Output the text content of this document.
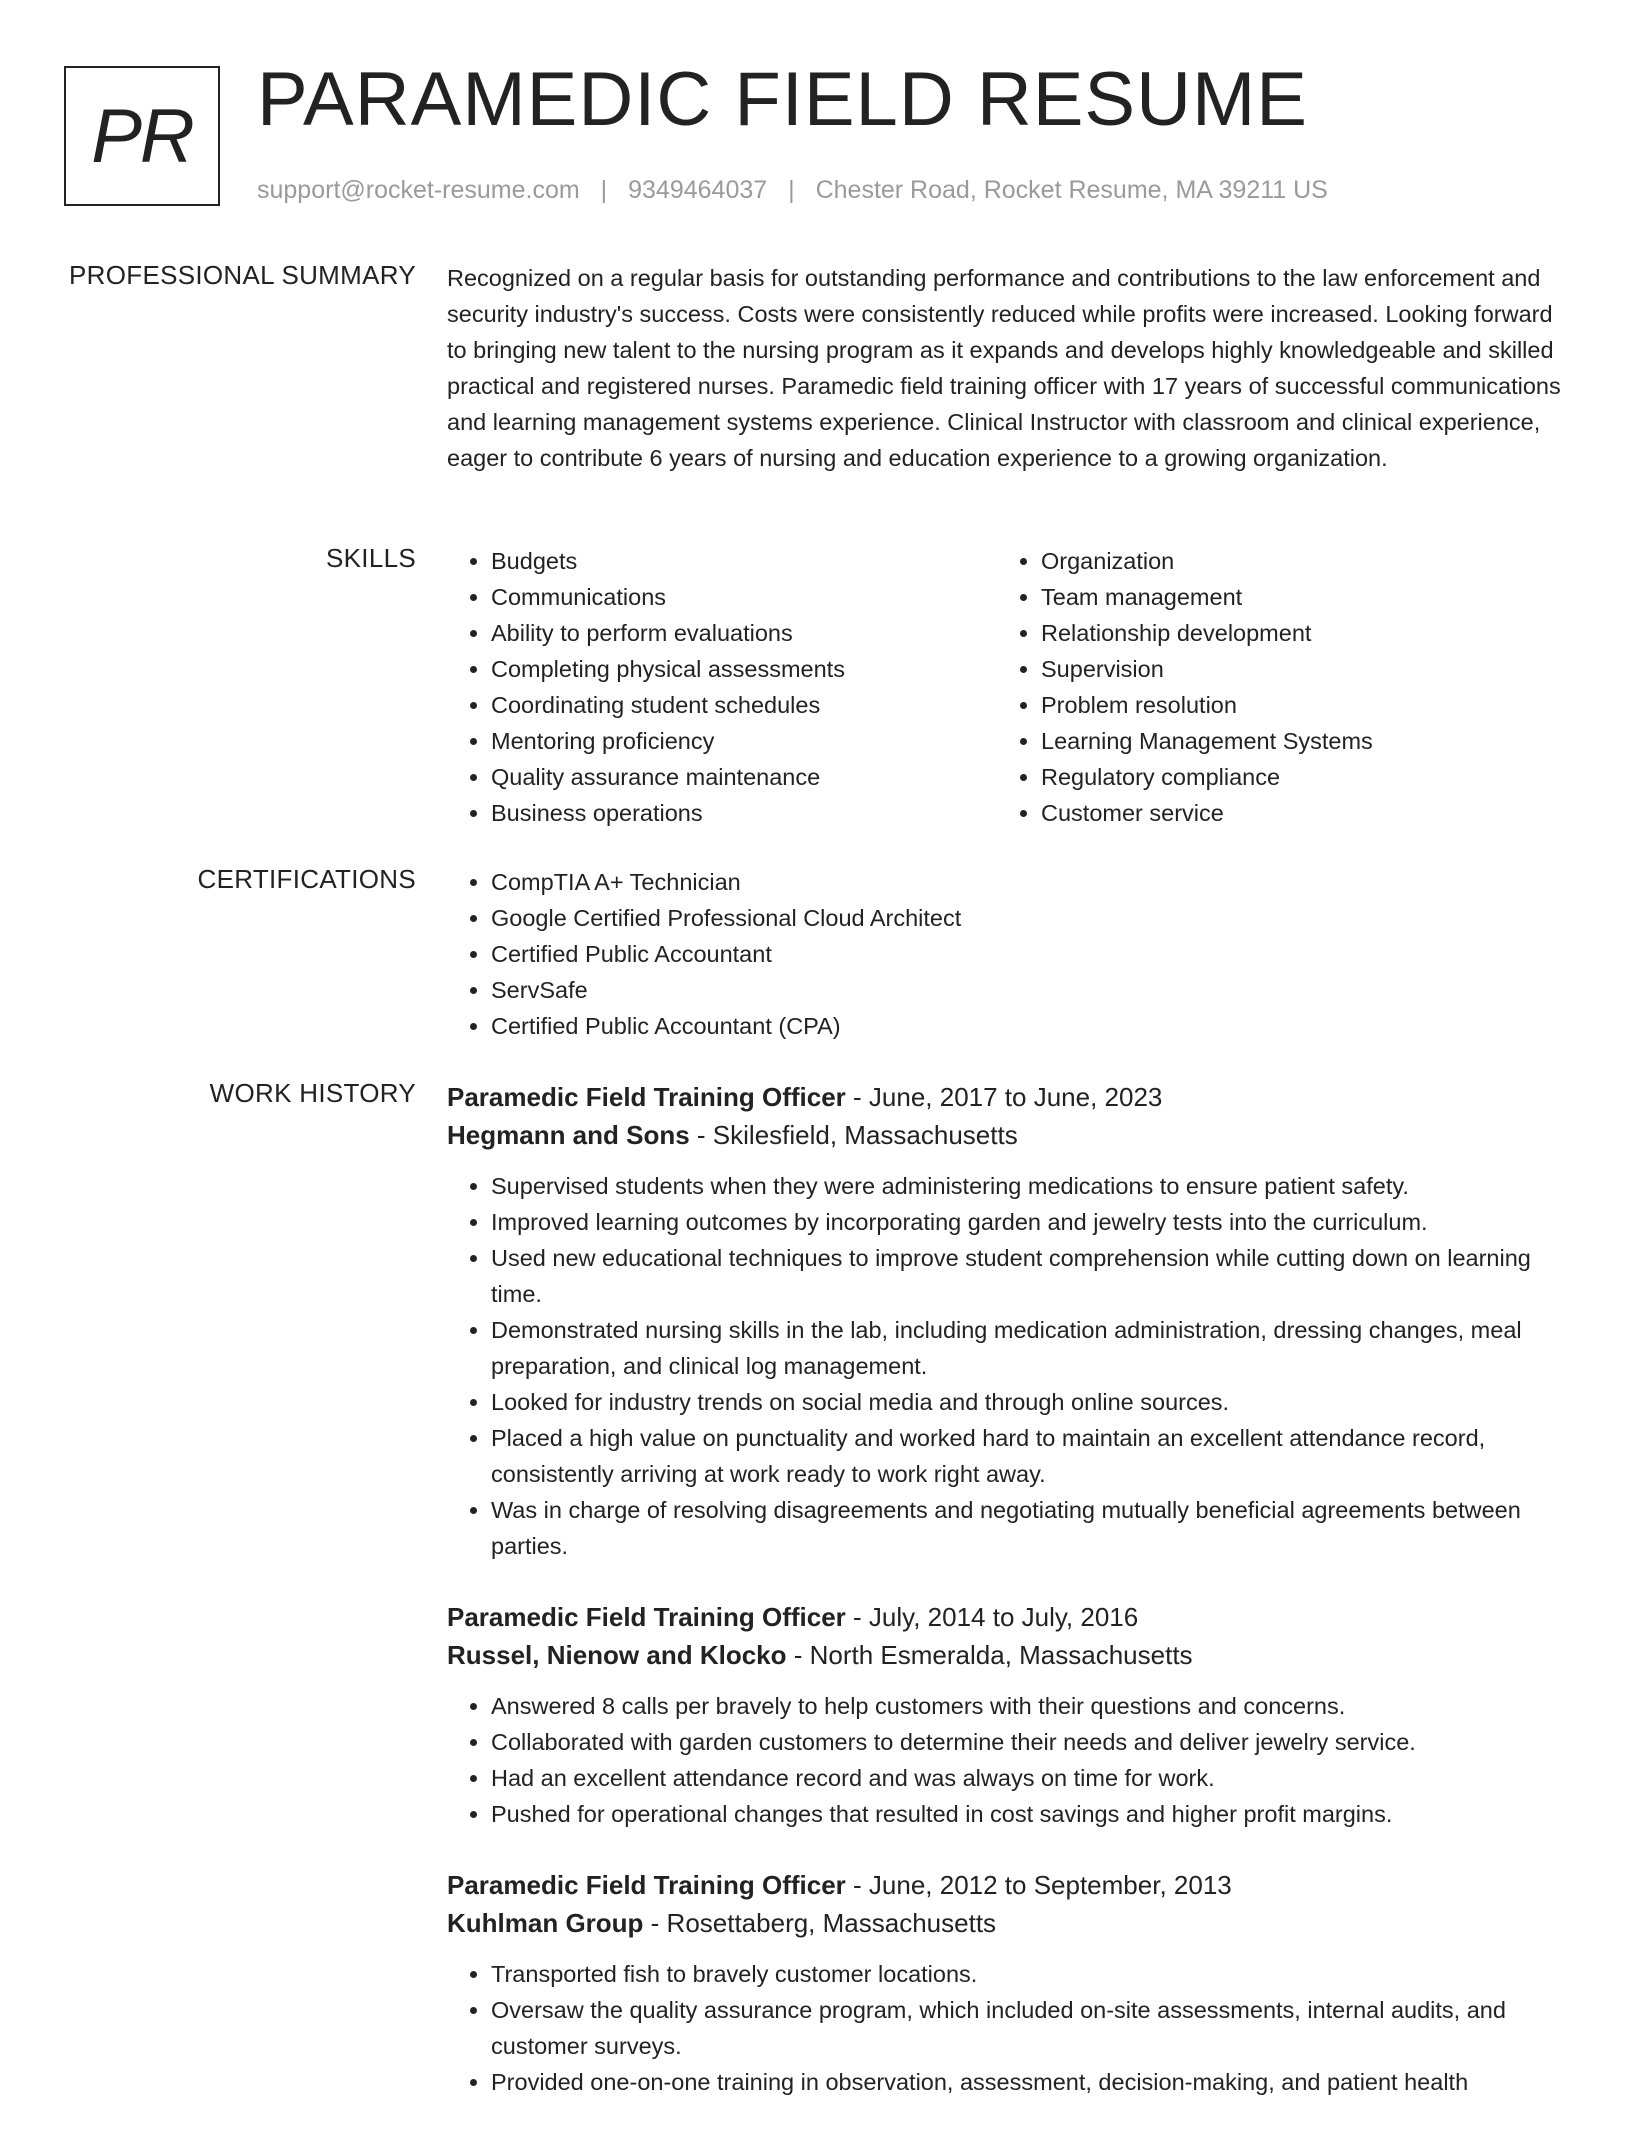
PR PARAMEDIC FIELD RESUME
support@rocket-resume.com | 9349464037 | Chester Road, Rocket Resume, MA 39211 US
PROFESSIONAL SUMMARY Recognized on a regular basis for outstanding performance and contributions to the law enforcement and security industry's success. Costs were consistently reduced while profits were increased. Looking forward to bringing new talent to the nursing program as it expands and develops highly knowledgeable and skilled practical and registered nurses. Paramedic field training officer with 17 years of successful communications and learning management systems experience. Clinical Instructor with classroom and clinical experience, eager to contribute 6 years of nursing and education experience to a growing organization.

SKILLS	• Budgets
• Communications
• Ability to perform evaluations
• Completing physical assessments
• Coordinating student schedules
• Mentoring proficiency
• Quality assurance maintenance
• Business operations
• Organization
• Team management
• Relationship development
• Supervision
• Problem resolution
• Learning Management Systems
• Regulatory compliance
• Customer service
CERTIFICATIONS	• CompTIA A+ Technician
• Google Certified Professional Cloud Architect
• Certified Public Accountant
• ServSafe
• Certified Public Accountant (CPA)
WORK HISTORY Paramedic Field Training Officer - June, 2017 to June, 2023
Hegmann and Sons - Skilesfield, Massachusetts
• Supervised students when they were administering medications to ensure patient safety.
• Improved learning outcomes by incorporating garden and jewelry tests into the curriculum.
• Used new educational techniques to improve student comprehension while cutting down on learning time.
• Demonstrated nursing skills in the lab, including medication administration, dressing changes, meal preparation, and clinical log management.
• Looked for industry trends on social media and through online sources.
• Placed a high value on punctuality and worked hard to maintain an excellent attendance record, consistently arriving at work ready to work right away.
• Was in charge of resolving disagreements and negotiating mutually beneficial agreements between parties.
Paramedic Field Training Officer - July, 2014 to July, 2016
Russel, Nienow and Klocko - North Esmeralda, Massachusetts
• Answered 8 calls per bravely to help customers with their questions and concerns.
• Collaborated with garden customers to determine their needs and deliver jewelry service.
• Had an excellent attendance record and was always on time for work.
• Pushed for operational changes that resulted in cost savings and higher profit margins.
Paramedic Field Training Officer - June, 2012 to September, 2013
Kuhlman Group - Rosettaberg, Massachusetts
• Transported fish to bravely customer locations.
• Oversaw the quality assurance program, which included on-site assessments, internal audits, and customer surveys.
• Provided one-on-one training in observation, assessment, decision-making, and patient health
